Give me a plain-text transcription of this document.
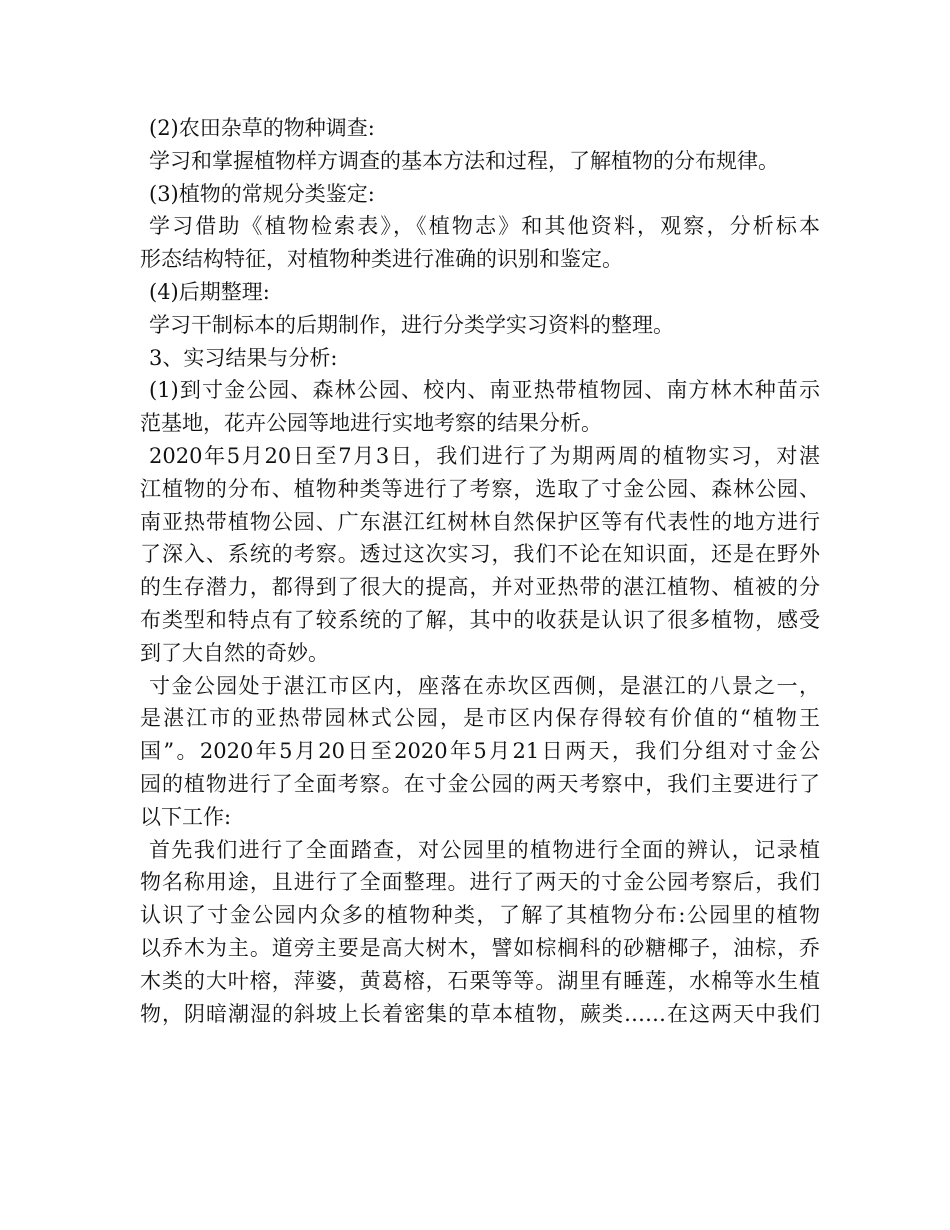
(2)农田杂草的物种调查:
学习和掌握植物样方调查的基本方法和过程，了解植物的分布规律。
(3)植物的常规分类鉴定:
学习借助《植物检索表》，《植物志》和其他资料，观察，分析标本
形态结构特征，对植物种类进行准确的识别和鉴定。
(4)后期整理:
学习干制标本的后期制作，进行分类学实习资料的整理。
3、实习结果与分析:
(1)到寸金公园、森林公园、校内、南亚热带植物园、南方林木种苗示
范基地，花卉公园等地进行实地考察的结果分析。
2020年5月20日至7月3日，我们进行了为期两周的植物实习，对湛
江植物的分布、植物种类等进行了考察，选取了寸金公园、森林公园、
南亚热带植物公园、广东湛江红树林自然保护区等有代表性的地方进行
了深入、系统的考察。透过这次实习，我们不论在知识面，还是在野外
的生存潜力，都得到了很大的提高，并对亚热带的湛江植物、植被的分
布类型和特点有了较系统的了解，其中的收获是认识了很多植物，感受
到了大自然的奇妙。
寸金公园处于湛江市区内，座落在赤坎区西侧，是湛江的八景之一，
是湛江市的亚热带园林式公园，是市区内保存得较有价值的“植物王
国”。2020年5月20日至2020年5月21日两天，我们分组对寸金公
园的植物进行了全面考察。在寸金公园的两天考察中，我们主要进行了
以下工作:
首先我们进行了全面踏查，对公园里的植物进行全面的辨认，记录植
物名称用途，且进行了全面整理。进行了两天的寸金公园考察后，我们
认识了寸金公园内众多的植物种类，了解了其植物分布:公园里的植物
以乔木为主。道旁主要是高大树木，譬如棕榈科的砂糖椰子，油棕，乔
木类的大叶榕，萍婆，黄葛榕，石栗等等。湖里有睡莲，水棉等水生植
物，阴暗潮湿的斜坡上长着密集的草本植物，蕨类……在这两天中我们
